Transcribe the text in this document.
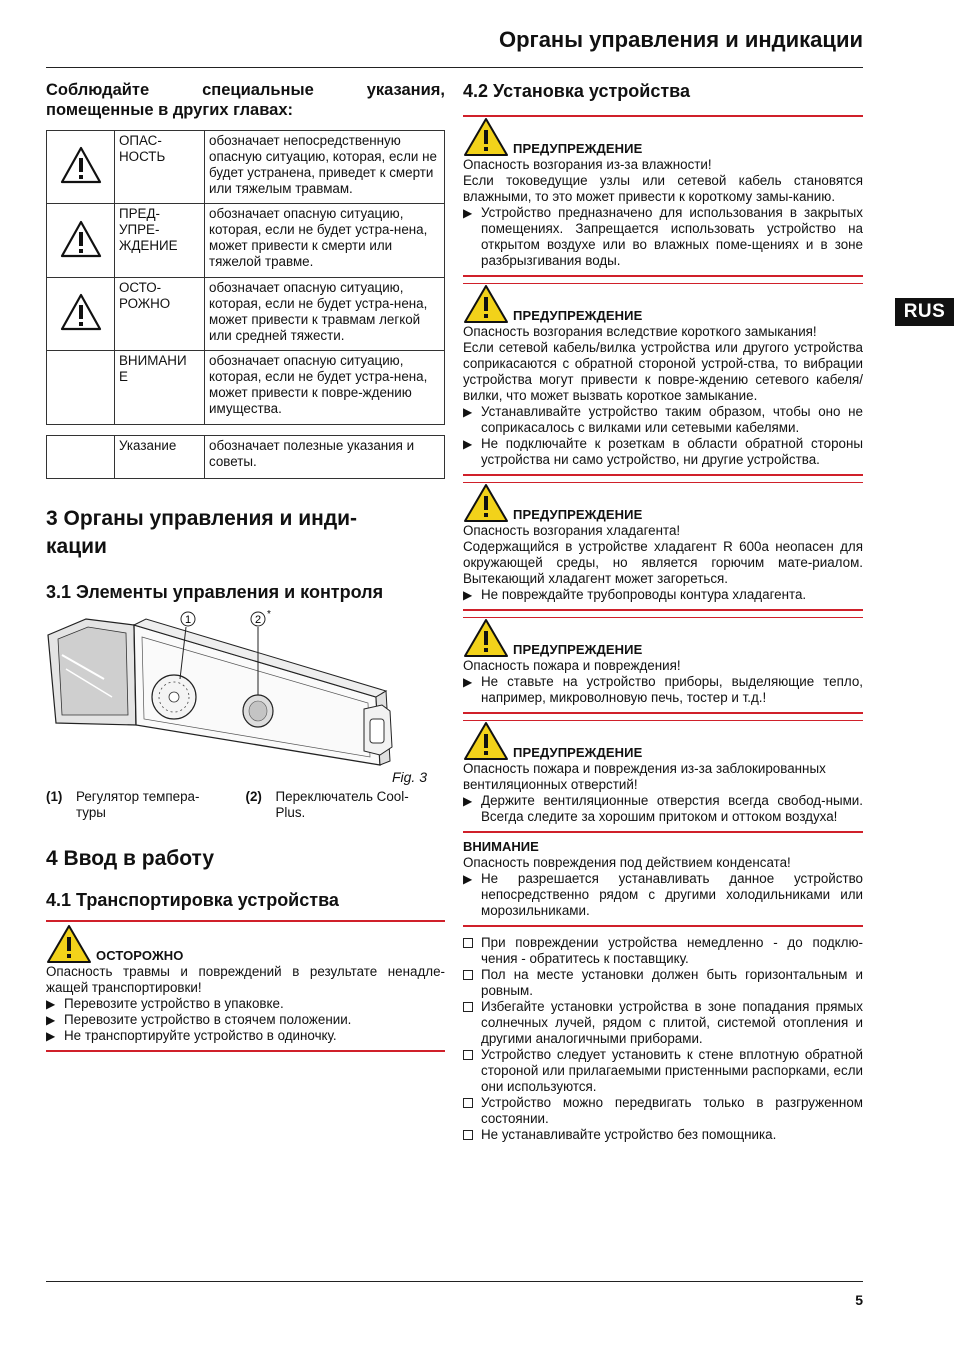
Органы управления и индикации
RUS
Соблюдайте специальные указания, помещенные в других главах:
	ОПАС-
НОСТЬ	обозначает непосредственную опасную ситуацию, которая, если не будет устранена, приведет к смерти или тяжелым травмам.
	ПРЕД-
УПРЕ-
ЖДЕНИЕ	обозначает опасную ситуацию, которая, если не будет устра-нена, может привести к смерти или тяжелой травме.
	ОСТО-
РОЖНО	обозначает опасную ситуацию, которая, если не будет устра-нена, может привести к травмам легкой или средней тяжести.
	ВНИМАНИ
Е	обозначает опасную ситуацию, которая, если не будет устра-нена, может привести к повре-ждению имущества.
	Указание	обозначает полезные указания и советы.
3 Органы управления и инди-
кации
3.1 Элементы управления и контроля
1	2 *
Fig. 3
(1)	Регулятор темпера-
туры
(2)	Переключатель Cool-
Plus.
4 Ввод в работу
4.1 Транспортировка устройства
ОСТОРОЖНО
Опасность травмы и повреждений в результате ненадле-жащей транспортировки!
▶ Перевозите устройство в упаковке.
▶ Перевозите устройство в стоячем положении.
▶ Не транспортируйте устройство в одиночку.
4.2 Установка устройства
ПРЕДУПРЕЖДЕНИЕ
Опасность возгорания из-за влажности!
Если токоведущие узлы или сетевой кабель становятся влажными, то это может привести к короткому замы-канию.
▶ Устройство предназначено для использования в закрытых помещениях. Запрещается использовать устройство на открытом воздухе или во влажных поме-щениях и в зоне разбрызгивания воды.
ПРЕДУПРЕЖДЕНИЕ
Опасность возгорания вследствие короткого замыкания!
Если сетевой кабель/вилка устройства или другого устройства соприкасаются с обратной стороной устрой-ства, то вибрации устройства могут привести к повре-ждению сетевого кабеля/вилки, что может вызвать короткое замыкание.
▶ Устанавливайте устройство таким образом, чтобы оно не соприкасалось с вилками или сетевыми кабелями.
▶ Не подключайте к розеткам в области обратной стороны устройства ни само устройство, ни другие устройства.
ПРЕДУПРЕЖДЕНИЕ
Опасность возгорания хладагента!
Содержащийся в устройстве хладагент R 600a неопасен для окружающей среды, но является горючим мате-риалом. Вытекающий хладагент может загореться.
▶ Не повреждайте трубопроводы контура хладагента.
ПРЕДУПРЕЖДЕНИЕ
Опасность пожара и повреждения!
▶ Не ставьте на устройство приборы, выделяющие тепло, например, микроволновую печь, тостер и т.д.!
ПРЕДУПРЕЖДЕНИЕ
Опасность пожара и повреждения из-за заблокированных вентиляционных отверстий!
▶ Держите вентиляционные отверстия всегда свобод-ными. Всегда следите за хорошим притоком и оттоком воздуха!
ВНИМАНИЕ
Опасность повреждения под действием конденсата!
▶ Не разрешается устанавливать данное устройство непосредственно рядом с другими холодильниками или морозильниками.
При повреждении устройства немедленно - до подклю-чения - обратитесь к поставщику.
Пол на месте установки должен быть горизонтальным и ровным.
Избегайте установки устройства в зоне попадания прямых солнечных лучей, рядом с плитой, системой отопления и другими аналогичными приборами.
Устройство следует установить к стене вплотную обратной стороной или прилагаемыми пристенными распорками, если они используются.
Устройство можно передвигать только в разгруженном состоянии.
Не устанавливайте устройство без помощника.
5
